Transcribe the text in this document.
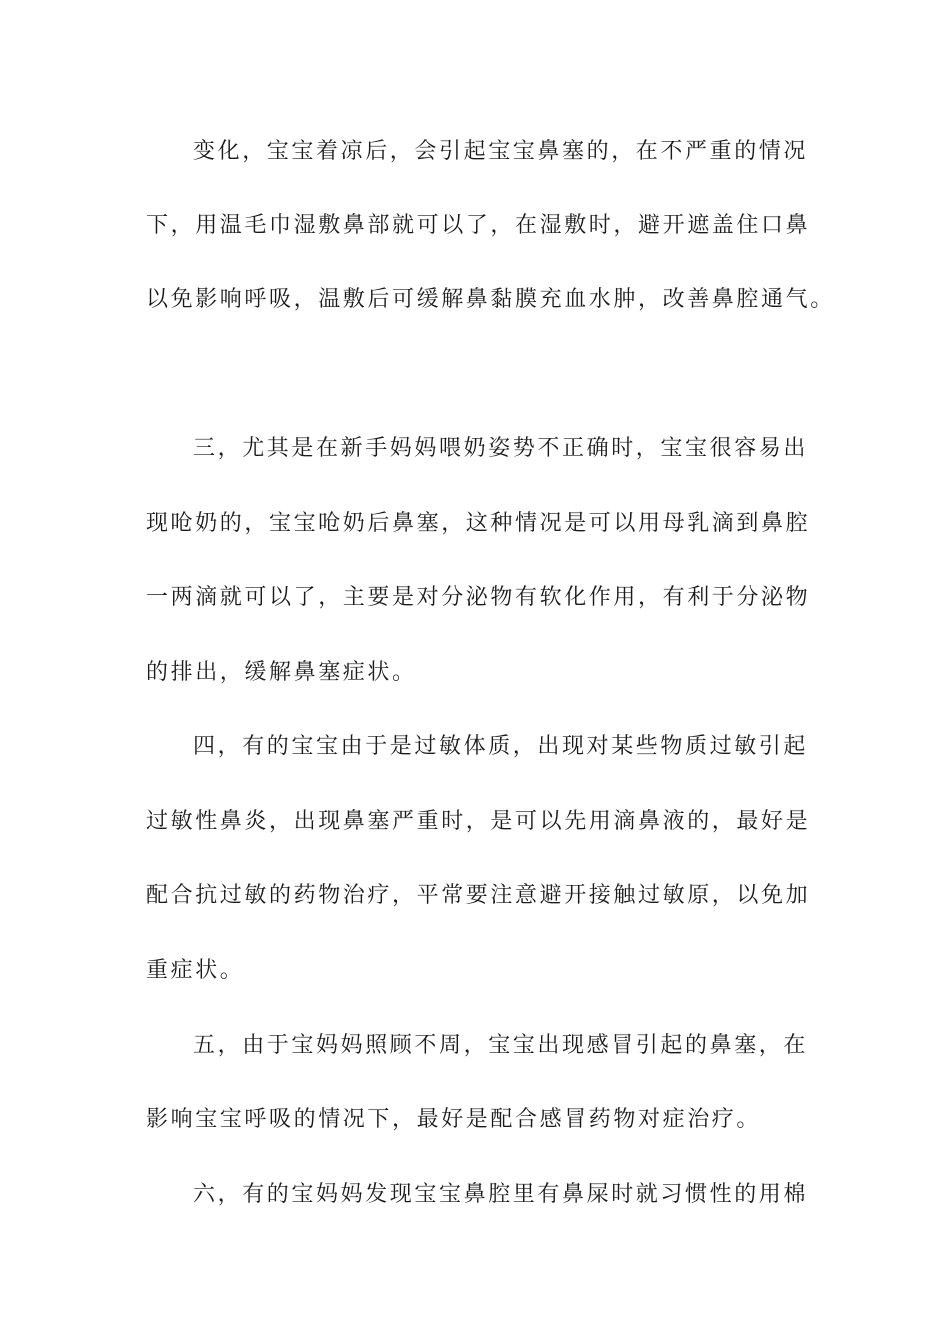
变化，宝宝着凉后，会引起宝宝鼻塞的，在不严重的情况
下，用温毛巾湿敷鼻部就可以了，在湿敷时，避开遮盖住口鼻
以免影响呼吸，温敷后可缓解鼻黏膜充血水肿，改善鼻腔通气。
三，尤其是在新手妈妈喂奶姿势不正确时，宝宝很容易出
现呛奶的，宝宝呛奶后鼻塞，这种情况是可以用母乳滴到鼻腔
一两滴就可以了，主要是对分泌物有软化作用，有利于分泌物
的排出，缓解鼻塞症状。
四，有的宝宝由于是过敏体质，出现对某些物质过敏引起
过敏性鼻炎，出现鼻塞严重时，是可以先用滴鼻液的，最好是
配合抗过敏的药物治疗，平常要注意避开接触过敏原，以免加
重症状。
五，由于宝妈妈照顾不周，宝宝出现感冒引起的鼻塞，在
影响宝宝呼吸的情况下，最好是配合感冒药物对症治疗。
六，有的宝妈妈发现宝宝鼻腔里有鼻屎时就习惯性的用棉
